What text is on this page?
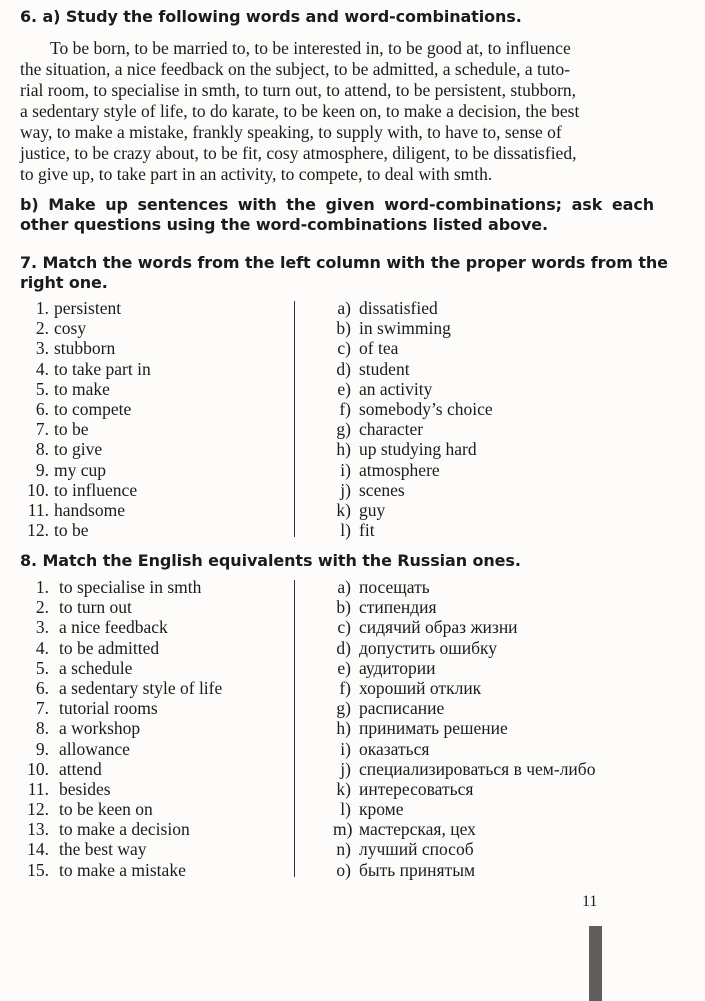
6. a) Study the following words and word-combinations.

To be born, to be married to, to be interested in, to be good at, to influence

the situation, a nice feedback on the subject, to be admitted, a schedule, a tuto-

rial room, to specialise in smth, to turn out, to attend, to be persistent, stubborn,

a sedentary style of life, to do karate, to be keen on, to make a decision, the best

way, to make a mistake, frankly speaking, to supply with, to have to, sense of

justice, to be crazy about, to be fit, cosy atmosphere, diligent, to be dissatisfied,

to give up, to take part in an activity, to compete, to deal with smth.

b) Make up sentences with the given word-combinations; ask each
other questions using the word-combinations listed above.
7. Match the words from the left column with the proper words from the
right one.
1. persistent
2. cosy
3. stubborn
4. to take part in
5. to make
6. to compete
7. to be
8. to give
9. my cup
10. to influence
11. handsome
12. to be
a) dissatisfied
b) in swimming
c) of tea
d) student
e) an activity
f) somebody’s choice
g) character
h) up studying hard
i) atmosphere
j) scenes
k) guy
l) fit
8. Match the English equivalents with the Russian ones.
1. to specialise in smth
2. to turn out
3. a nice feedback
4. to be admitted
5. a schedule
6. a sedentary style of life
7. tutorial rooms
8. a workshop
9. allowance
10. attend
11. besides
12. to be keen on
13. to make a decision
14. the best way
15. to make a mistake
a) посещать
b) стипендия
c) сидячий образ жизни
d) допустить ошибку
e) аудитории
f) хороший отклик
g) расписание
h) принимать решение
i) оказаться
j) специализироваться в чем-либо
k) интересоваться
l) кроме
m) мастерская, цех
n) лучший способ
o) быть принятым
11
